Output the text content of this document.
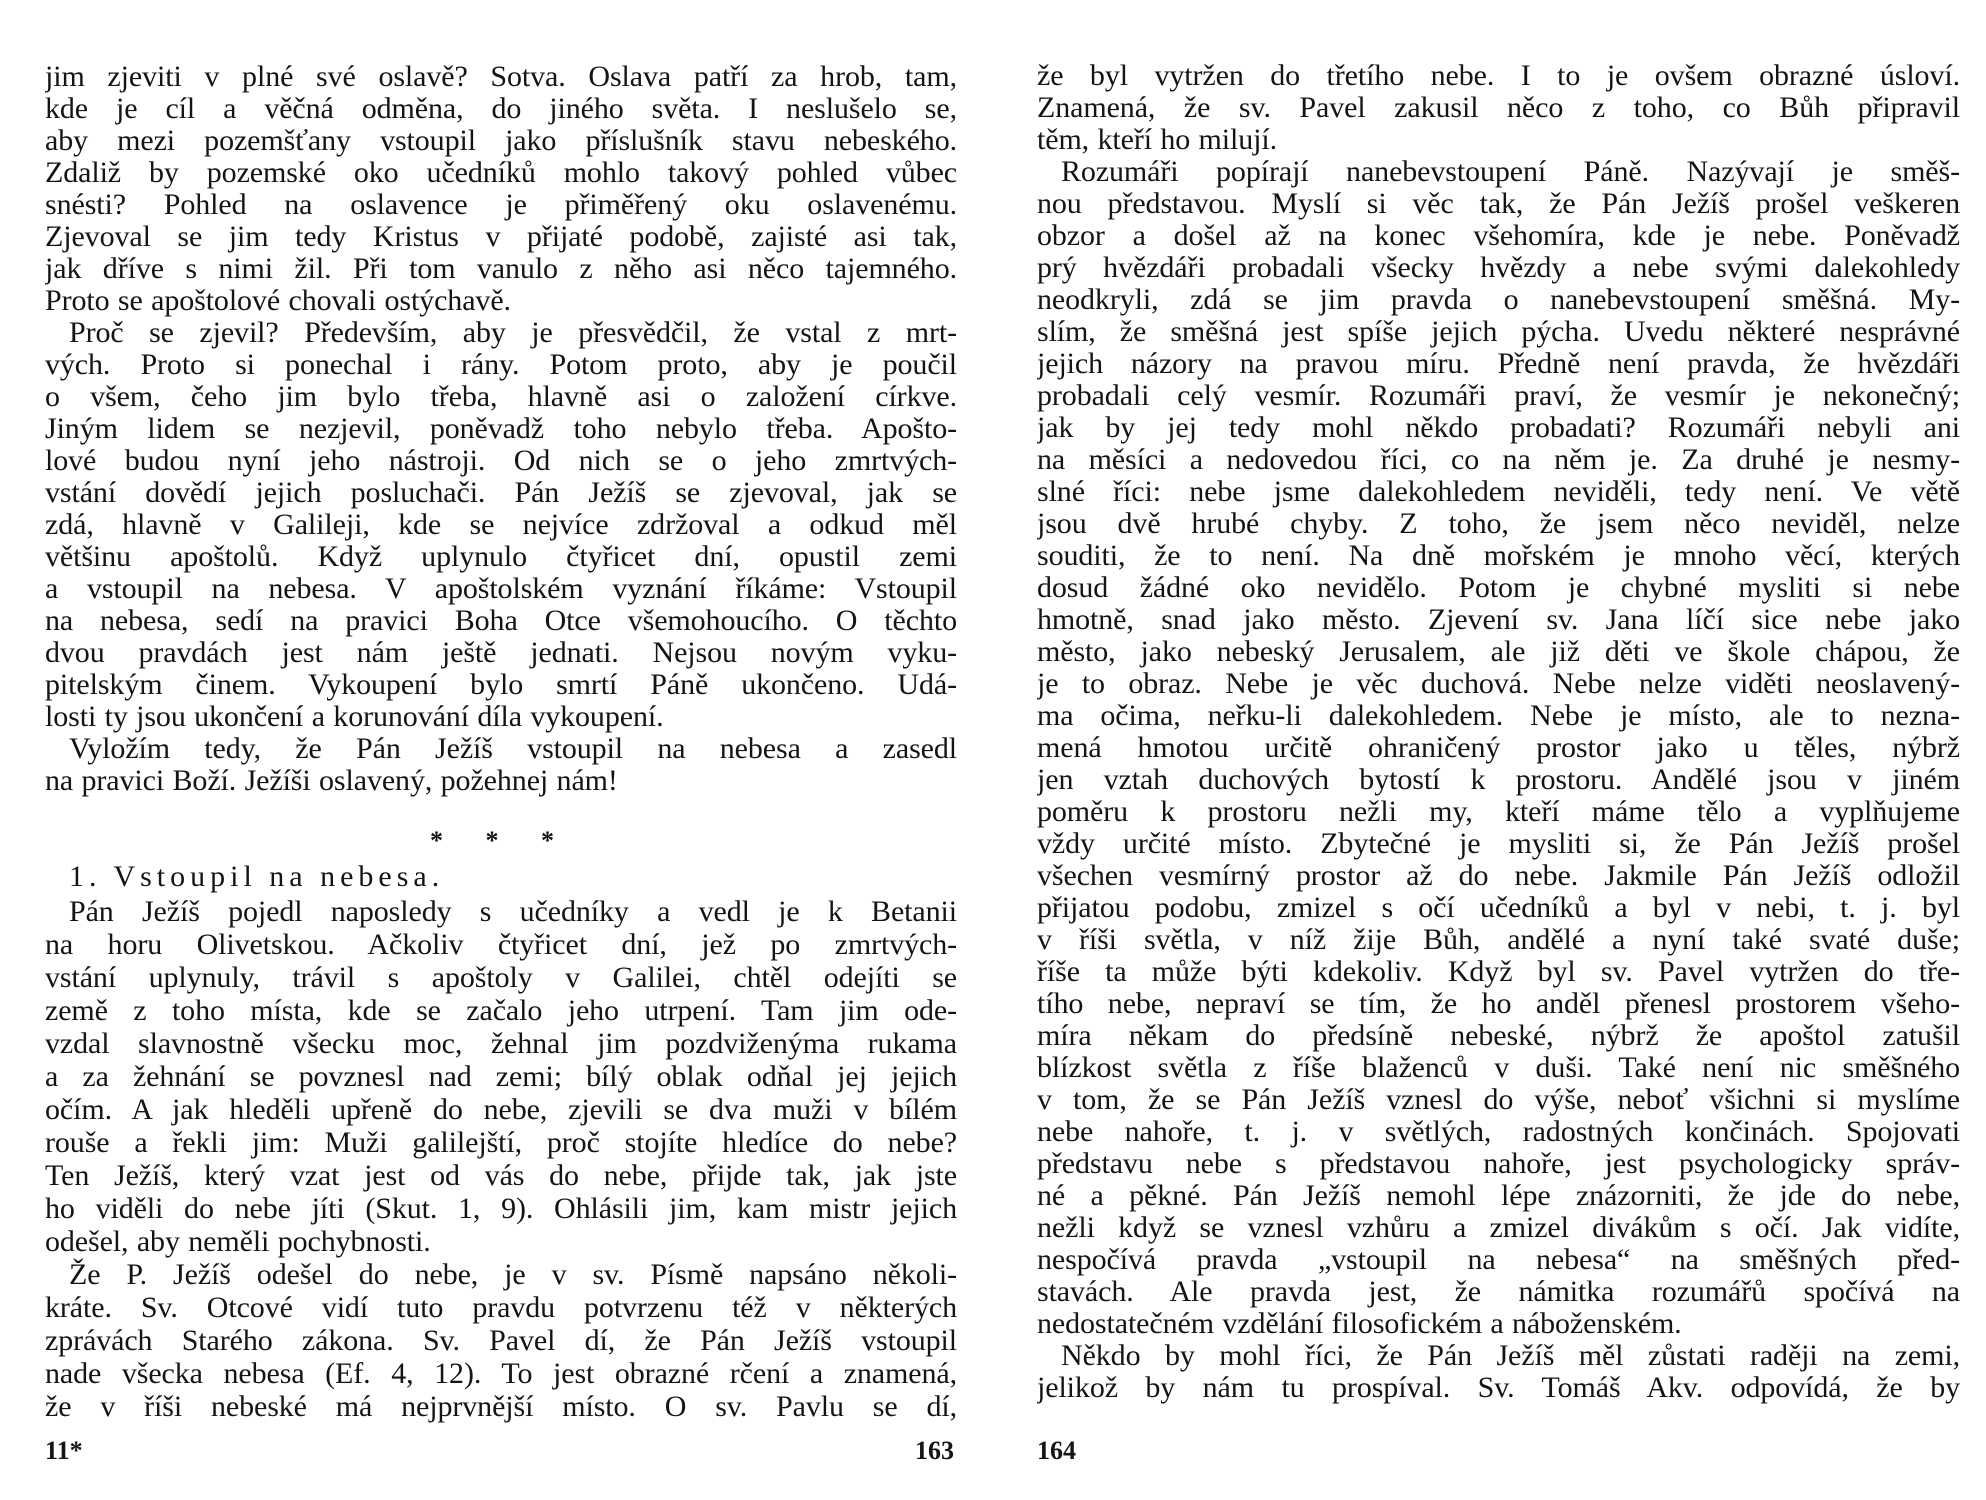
jim zjeviti v plné své oslavě? Sotva. Oslava patří za hrob, tam,
kde je cíl a věčná odměna, do jiného světa. I neslušelo se,
aby mezi pozemšťany vstoupil jako příslušník stavu nebeského.
Zdaliž by pozemské oko učedníků mohlo takový pohled vůbec
snésti? Pohled na oslavence je přiměřený oku oslavenému.
Zjevoval se jim tedy Kristus v přijaté podobě, zajisté asi tak,
jak dříve s nimi žil. Při tom vanulo z něho asi něco tajemného.
Proto se apoštolové chovali ostýchavě.
Proč se zjevil? Především, aby je přesvědčil, že vstal z mrt-
vých. Proto si ponechal i rány. Potom proto, aby je poučil
o všem, čeho jim bylo třeba, hlavně asi o založení církve.
Jiným lidem se nezjevil, poněvadž toho nebylo třeba. Apošto-
lové budou nyní jeho nástroji. Od nich se o jeho zmrtvých-
vstání dovědí jejich posluchači. Pán Ježíš se zjevoval, jak se
zdá, hlavně v Galileji, kde se nejvíce zdržoval a odkud měl
většinu apoštolů. Když uplynulo čtyřicet dní, opustil zemi
a vstoupil na nebesa. V apoštolském vyznání říkáme: Vstoupil
na nebesa, sedí na pravici Boha Otce všemohoucího. O těchto
dvou pravdách jest nám ještě jednati. Nejsou novým vyku-
pitelským činem. Vykoupení bylo smrtí Páně ukončeno. Udá-
losti ty jsou ukončení a korunování díla vykoupení.
Vyložím tedy, že Pán Ježíš vstoupil na nebesa a zasedl
na pravici Boží. Ježíši oslavený, požehnej nám!
* * *
1. Vstoupil na nebesa.
Pán Ježíš pojedl naposledy s učedníky a vedl je k Betanii
na horu Olivetskou. Ačkoliv čtyřicet dní, jež po zmrtvých-
vstání uplynuly, trávil s apoštoly v Galilei, chtěl odejíti se
země z toho místa, kde se začalo jeho utrpení. Tam jim ode-
vzdal slavnostně všecku moc, žehnal jim pozdviženýma rukama
a za žehnání se povznesl nad zemi; bílý oblak odňal jej jejich
očím. A jak hleděli upřeně do nebe, zjevili se dva muži v bílém
rouše a řekli jim: Muži galilejští, proč stojíte hledíce do nebe?
Ten Ježíš, který vzat jest od vás do nebe, přijde tak, jak jste
ho viděli do nebe jíti (Skut. 1, 9). Ohlásili jim, kam mistr jejich
odešel, aby neměli pochybnosti.
Že P. Ježíš odešel do nebe, je v sv. Písmě napsáno několi-
kráte. Sv. Otcové vidí tuto pravdu potvrzenu též v některých
zprávách Starého zákona. Sv. Pavel dí, že Pán Ježíš vstoupil
nade všecka nebesa (Ef. 4, 12). To jest obrazné rčení a znamená,
že v říši nebeské má nejprvnější místo. O sv. Pavlu se dí,
11*	163
že byl vytržen do třetího nebe. I to je ovšem obrazné úsloví.
Znamená, že sv. Pavel zakusil něco z toho, co Bůh připravil
těm, kteří ho milují.
Rozumáři popírají nanebevstoupení Páně. Nazývají je směš-
nou představou. Myslí si věc tak, že Pán Ježíš prošel veškeren
obzor a došel až na konec všehomíra, kde je nebe. Poněvadž
prý hvězdáři probadali všecky hvězdy a nebe svými dalekohledy
neodkryli, zdá se jim pravda o nanebevstoupení směšná. My-
slím, že směšná jest spíše jejich pýcha. Uvedu některé nesprávné
jejich názory na pravou míru. Předně není pravda, že hvězdáři
probadali celý vesmír. Rozumáři praví, že vesmír je nekonečný;
jak by jej tedy mohl někdo probadati? Rozumáři nebyli ani
na měsíci a nedovedou říci, co na něm je. Za druhé je nesmy-
slné říci: nebe jsme dalekohledem neviděli, tedy není. Ve větě
jsou dvě hrubé chyby. Z toho, že jsem něco neviděl, nelze
souditi, že to není. Na dně mořském je mnoho věcí, kterých
dosud žádné oko nevidělo. Potom je chybné mysliti si nebe
hmotně, snad jako město. Zjevení sv. Jana líčí sice nebe jako
město, jako nebeský Jerusalem, ale již děti ve škole chápou, že
je to obraz. Nebe je věc duchová. Nebe nelze viděti neoslavený-
ma očima, neřku-li dalekohledem. Nebe je místo, ale to nezna-
mená hmotou určitě ohraničený prostor jako u těles, nýbrž
jen vztah duchových bytostí k prostoru. Andělé jsou v jiném
poměru k prostoru nežli my, kteří máme tělo a vyplňujeme
vždy určité místo. Zbytečné je mysliti si, že Pán Ježíš prošel
všechen vesmírný prostor až do nebe. Jakmile Pán Ježíš odložil
přijatou podobu, zmizel s očí učedníků a byl v nebi, t. j. byl
v říši světla, v níž žije Bůh, andělé a nyní také svaté duše;
říše ta může býti kdekoliv. Když byl sv. Pavel vytržen do tře-
tího nebe, nepraví se tím, že ho anděl přenesl prostorem všeho-
míra někam do předsíně nebeské, nýbrž že apoštol zatušil
blízkost světla z říše blaženců v duši. Také není nic směšného
v tom, že se Pán Ježíš vznesl do výše, neboť všichni si myslíme
nebe nahoře, t. j. v světlých, radostných končinách. Spojovati
představu nebe s představou nahoře, jest psychologicky správ-
né a pěkné. Pán Ježíš nemohl lépe znázorniti, že jde do nebe,
nežli když se vznesl vzhůru a zmizel divákům s očí. Jak vidíte,
nespočívá pravda „vstoupil na nebesa“ na směšných před-
stavách. Ale pravda jest, že námitka rozumářů spočívá na
nedostatečném vzdělání filosofickém a náboženském.
Někdo by mohl říci, že Pán Ježíš měl zůstati raději na zemi,
jelikož by nám tu prospíval. Sv. Tomáš Akv. odpovídá, že by
164
